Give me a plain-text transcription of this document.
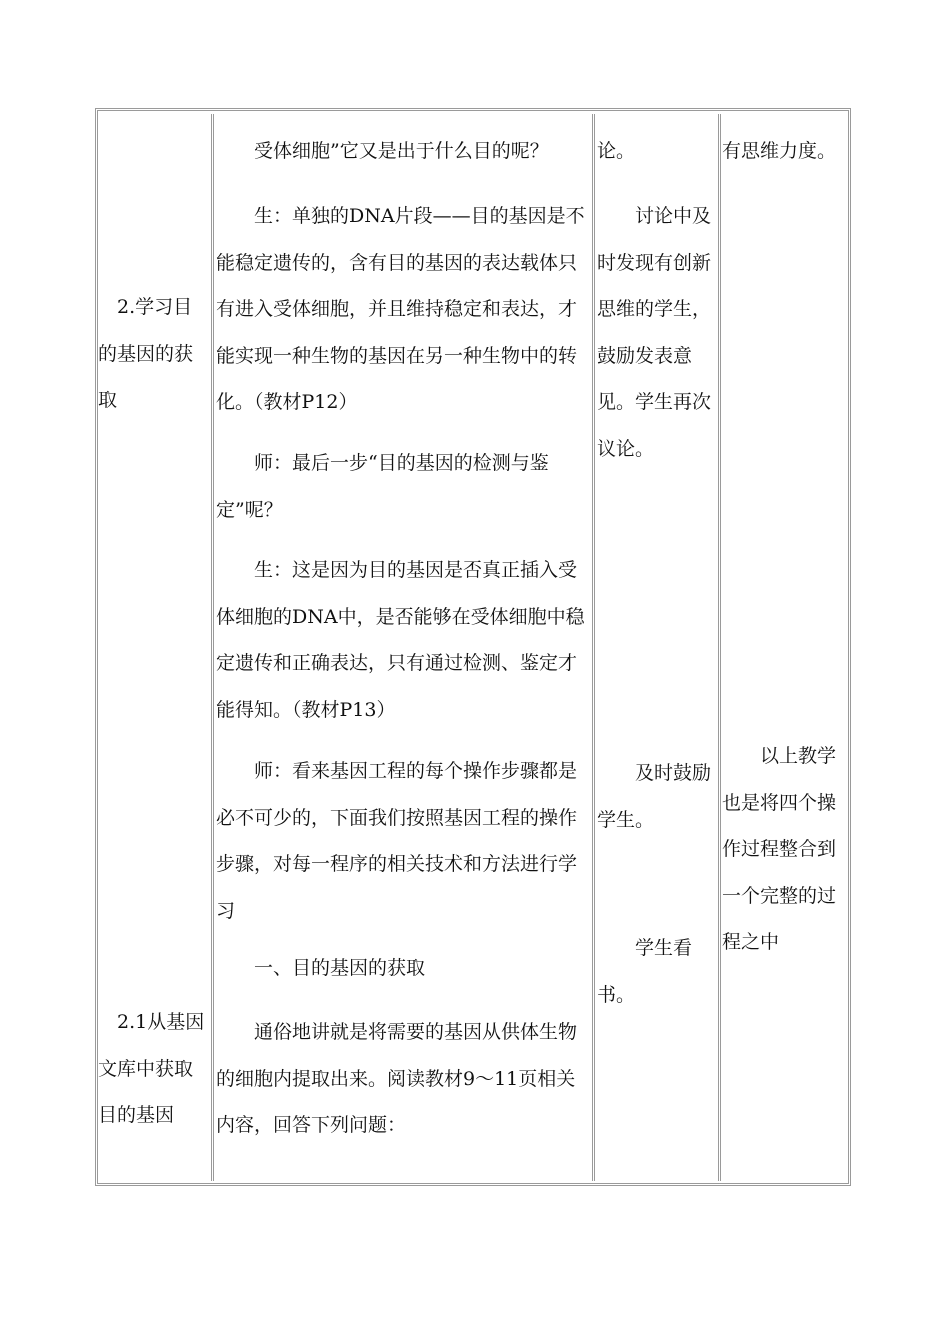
　2.学习目的基因的获取

　2.1从基因文库中获取目的基因

　　受体细胞”它又是出于什么目的呢？

　　生：单独的DNA片段——目的基因是不能稳定遗传的，含有目的基因的表达载体只有进入受体细胞，并且维持稳定和表达，才能实现一种生物的基因在另一种生物中的转化。（教材P12）

　　师：最后一步“目的基因的检测与鉴定”呢？

　　生：这是因为目的基因是否真正插入受体细胞的DNA中，是否能够在受体细胞中稳定遗传和正确表达，只有通过检测、鉴定才能得知。（教材P13）

　　师：看来基因工程的每个操作步骤都是必不可少的，下面我们按照基因工程的操作步骤，对每一程序的相关技术和方法进行学习

　　一、目的基因的获取

　　通俗地讲就是将需要的基因从供体生物的细胞内提取出来。阅读教材9～11页相关内容，回答下列问题：

论。

　　讨论中及时发现有创新思维的学生，鼓励发表意见。学生再次议论。

　　及时鼓励学生。

　　学生看书。

有思维力度。

　　以上教学也是将四个操作过程整合到一个完整的过程之中
